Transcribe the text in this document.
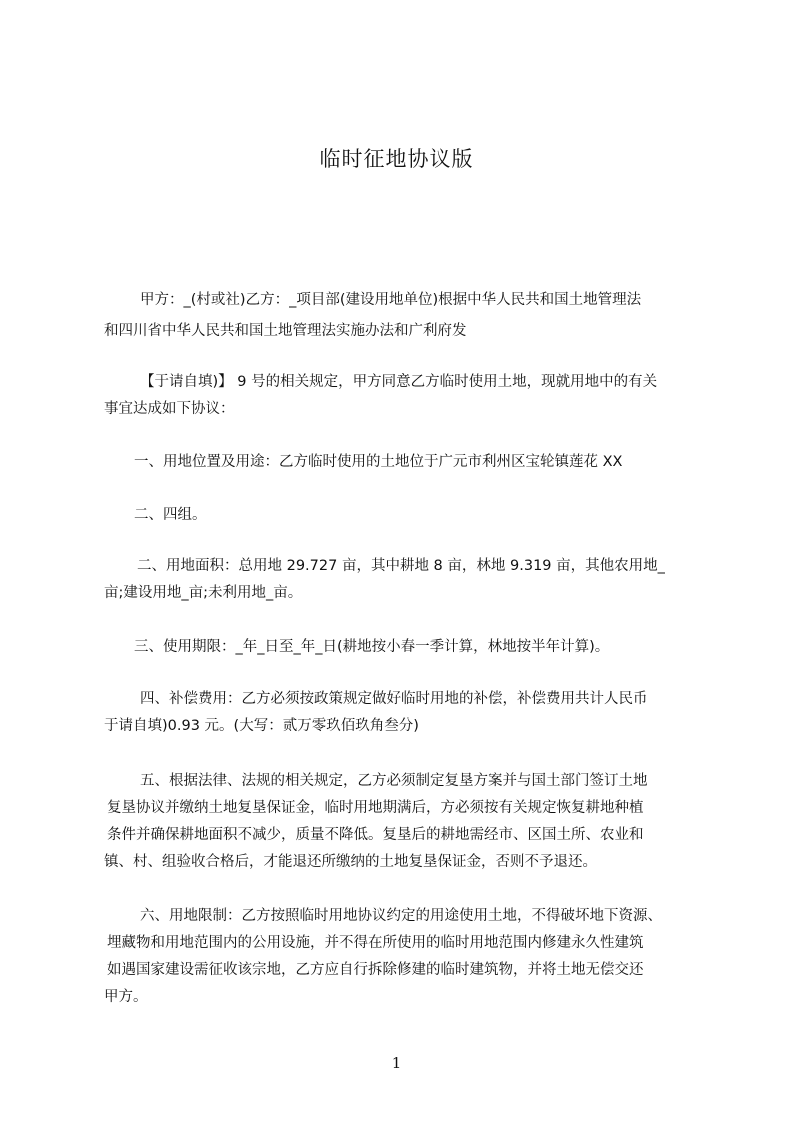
临时征地协议版
甲方：_(村或社)乙方：_项目部(建设用地单位)根据中华人民共和国土地管理法
和四川省中华人民共和国土地管理法实施办法和广利府发
【于请自填)】 9 号的相关规定，甲方同意乙方临时使用土地，现就用地中的有关
事宜达成如下协议：
一、用地位置及用途：乙方临时使用的土地位于广元市利州区宝轮镇莲花 XX
二、四组。
二、用地面积：总用地 29.727 亩，其中耕地 8 亩，林地 9.319 亩，其他农用地_
亩;建设用地_亩;未利用地_亩。
三、使用期限：_年_日至_年_日(耕地按小春一季计算，林地按半年计算)。
四、补偿费用：乙方必须按政策规定做好临时用地的补偿，补偿费用共计人民币
于请自填)0.93 元。(大写：贰万零玖佰玖角叁分)
五、根据法律、法规的相关规定，乙方必须制定复垦方案并与国土部门签订土地
复垦协议并缴纳土地复垦保证金，临时用地期满后，方必须按有关规定恢复耕地种植
条件并确保耕地面积不减少，质量不降低。复垦后的耕地需经市、区国土所、农业和
镇、村、组验收合格后，才能退还所缴纳的土地复垦保证金，否则不予退还。
六、用地限制：乙方按照临时用地协议约定的用途使用土地，不得破坏地下资源、
埋藏物和用地范围内的公用设施，并不得在所使用的临时用地范围内修建永久性建筑
如遇国家建设需征收该宗地，乙方应自行拆除修建的临时建筑物，并将土地无偿交还
甲方。
1
